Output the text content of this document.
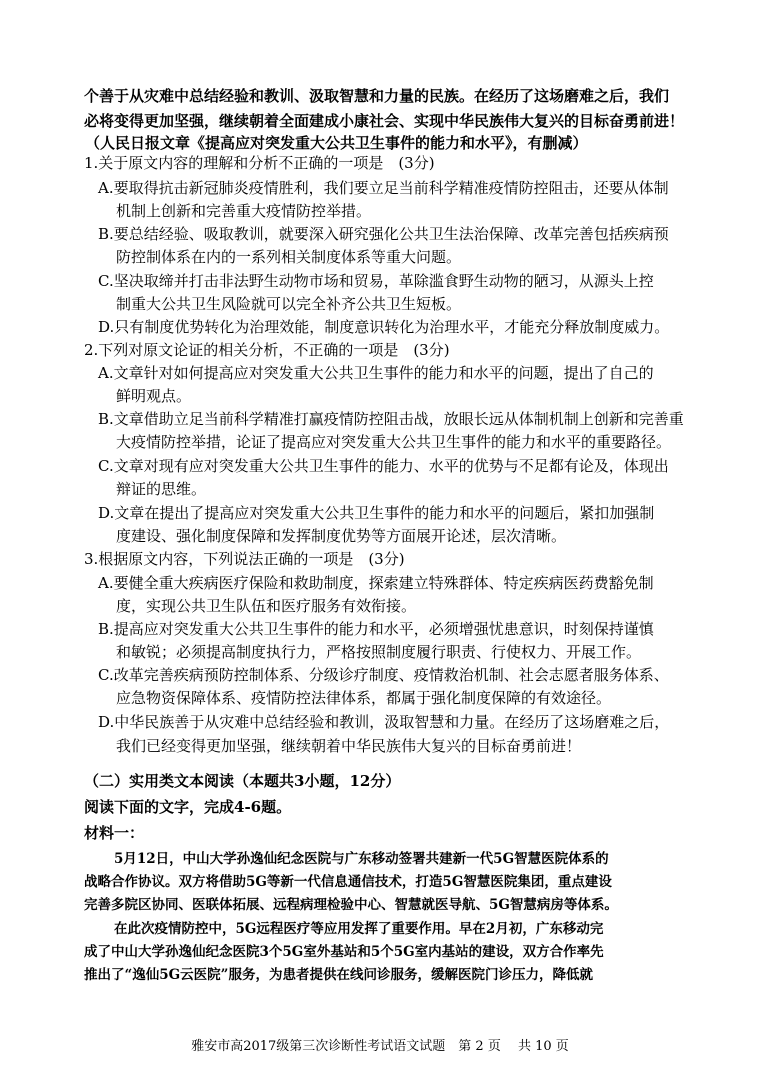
个善于从灾难中总结经验和教训、汲取智慧和力量的民族。在经历了这场磨难之后，我们
必将变得更加坚强，继续朝着全面建成小康社会、实现中华民族伟大复兴的目标奋勇前进！
（人民日报文章《提高应对突发重大公共卫生事件的能力和水平》，有删减）
1.关于原文内容的理解和分析不正确的一项是　(3分)
A.要取得抗击新冠肺炎疫情胜利，我们要立足当前科学精准疫情防控阻击，还要从体制
机制上创新和完善重大疫情防控举措。
B.要总结经验、吸取教训，就要深入研究强化公共卫生法治保障、改革完善包括疾病预
防控制体系在内的一系列相关制度体系等重大问题。
C.坚决取缔并打击非法野生动物市场和贸易，革除滥食野生动物的陋习，从源头上控
制重大公共卫生风险就可以完全补齐公共卫生短板。
D.只有制度优势转化为治理效能，制度意识转化为治理水平，才能充分释放制度威力。
2.下列对原文论证的相关分析，不正确的一项是　(3分)
A.文章针对如何提高应对突发重大公共卫生事件的能力和水平的问题，提出了自己的
鲜明观点。
B.文章借助立足当前科学精准打赢疫情防控阻击战，放眼长远从体制机制上创新和完善重
大疫情防控举措，论证了提高应对突发重大公共卫生事件的能力和水平的重要路径。
C.文章对现有应对突发重大公共卫生事件的能力、水平的优势与不足都有论及，体现出
辩证的思维。
D.文章在提出了提高应对突发重大公共卫生事件的能力和水平的问题后，紧扣加强制
度建设、强化制度保障和发挥制度优势等方面展开论述，层次清晰。
3.根据原文内容，下列说法正确的一项是　(3分)
A.要健全重大疾病医疗保险和救助制度，探索建立特殊群体、特定疾病医药费豁免制
度，实现公共卫生队伍和医疗服务有效衔接。
B.提高应对突发重大公共卫生事件的能力和水平，必须增强忧患意识，时刻保持谨慎
和敏锐；必须提高制度执行力，严格按照制度履行职责、行使权力、开展工作。
C.改革完善疾病预防控制体系、分级诊疗制度、疫情救治机制、社会志愿者服务体系、
应急物资保障体系、疫情防控法律体系，都属于强化制度保障的有效途径。
D.中华民族善于从灾难中总结经验和教训，汲取智慧和力量。在经历了这场磨难之后，
我们已经变得更加坚强，继续朝着中华民族伟大复兴的目标奋勇前进！
（二）实用类文本阅读（本题共3小题，12分）
阅读下面的文字，完成4-6题。
材料一：
5月12日，中山大学孙逸仙纪念医院与广东移动签署共建新一代5G智慧医院体系的
战略合作协议。双方将借助5G等新一代信息通信技术，打造5G智慧医院集团，重点建设
完善多院区协同、医联体拓展、远程病理检验中心、智慧就医导航、5G智慧病房等体系。
在此次疫情防控中，5G远程医疗等应用发挥了重要作用。早在2月初，广东移动完
成了中山大学孙逸仙纪念医院3个5G室外基站和5个5G室内基站的建设，双方合作率先
推出了“逸仙5G云医院”服务，为患者提供在线问诊服务，缓解医院门诊压力，降低就
雅安市高2017级第三次诊断性考试语文试题　第 2 页　 共 10 页
